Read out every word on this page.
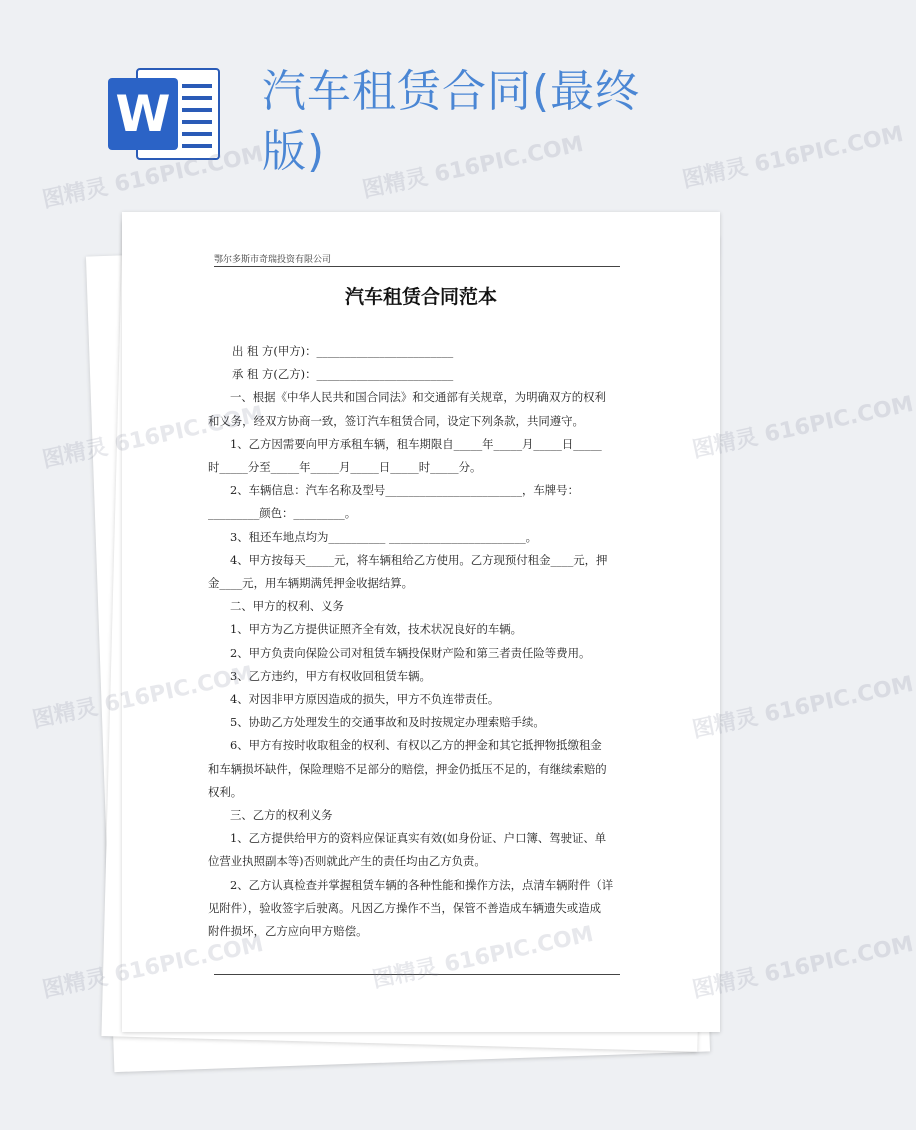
W 汽车租赁合同(最终版)
图精灵 616PIC.COM	图精灵 616PIC.COM	图精灵 616PIC.COM
鄂尔多斯市奇瑞投资有限公司
汽车租赁合同范本

出 租 方(甲方)：________________________

承 租 方(乙方)：________________________

一、根据《中华人民共和国合同法》和交通部有关规章，为明确双方的权利

和义务，经双方协商一致，签订汽车租赁合同，设定下列条款，共同遵守。

1、乙方因需要向甲方承租车辆，租车期限自_____年_____月_____日_____

时_____分至_____年_____月_____日_____时_____分。

2、车辆信息：汽车名称及型号________________________，车牌号：

_________颜色：_________。

3、租还车地点均为__________ ________________________。

4、甲方按每天_____元，将车辆租给乙方使用。乙方现预付租金____元，押

金____元，用车辆期满凭押金收据结算。

二、甲方的权利、义务

1、甲方为乙方提供证照齐全有效，技术状况良好的车辆。

2、甲方负责向保险公司对租赁车辆投保财产险和第三者责任险等费用。

3、乙方违约，甲方有权收回租赁车辆。

4、对因非甲方原因造成的损失，甲方不负连带责任。

5、协助乙方处理发生的交通事故和及时按规定办理索赔手续。

6、甲方有按时收取租金的权利、有权以乙方的押金和其它抵押物抵缴租金

和车辆损坏缺件，保险理赔不足部分的赔偿，押金仍抵压不足的，有继续索赔的

权利。

三、乙方的权利义务

1、乙方提供给甲方的资料应保证真实有效(如身份证、户口簿、驾驶证、单

位营业执照副本等)否则就此产生的责任均由乙方负责。

2、乙方认真检查并掌握租赁车辆的各种性能和操作方法，点清车辆附件（详

见附件），验收签字后驶离。凡因乙方操作不当，保管不善造成车辆遗失或造成

附件损坏，乙方应向甲方赔偿。

图精灵	图精灵 616PIC.COM
图精灵	图精灵 616PIC.COM
图精灵	图精灵 616PIC.COM
